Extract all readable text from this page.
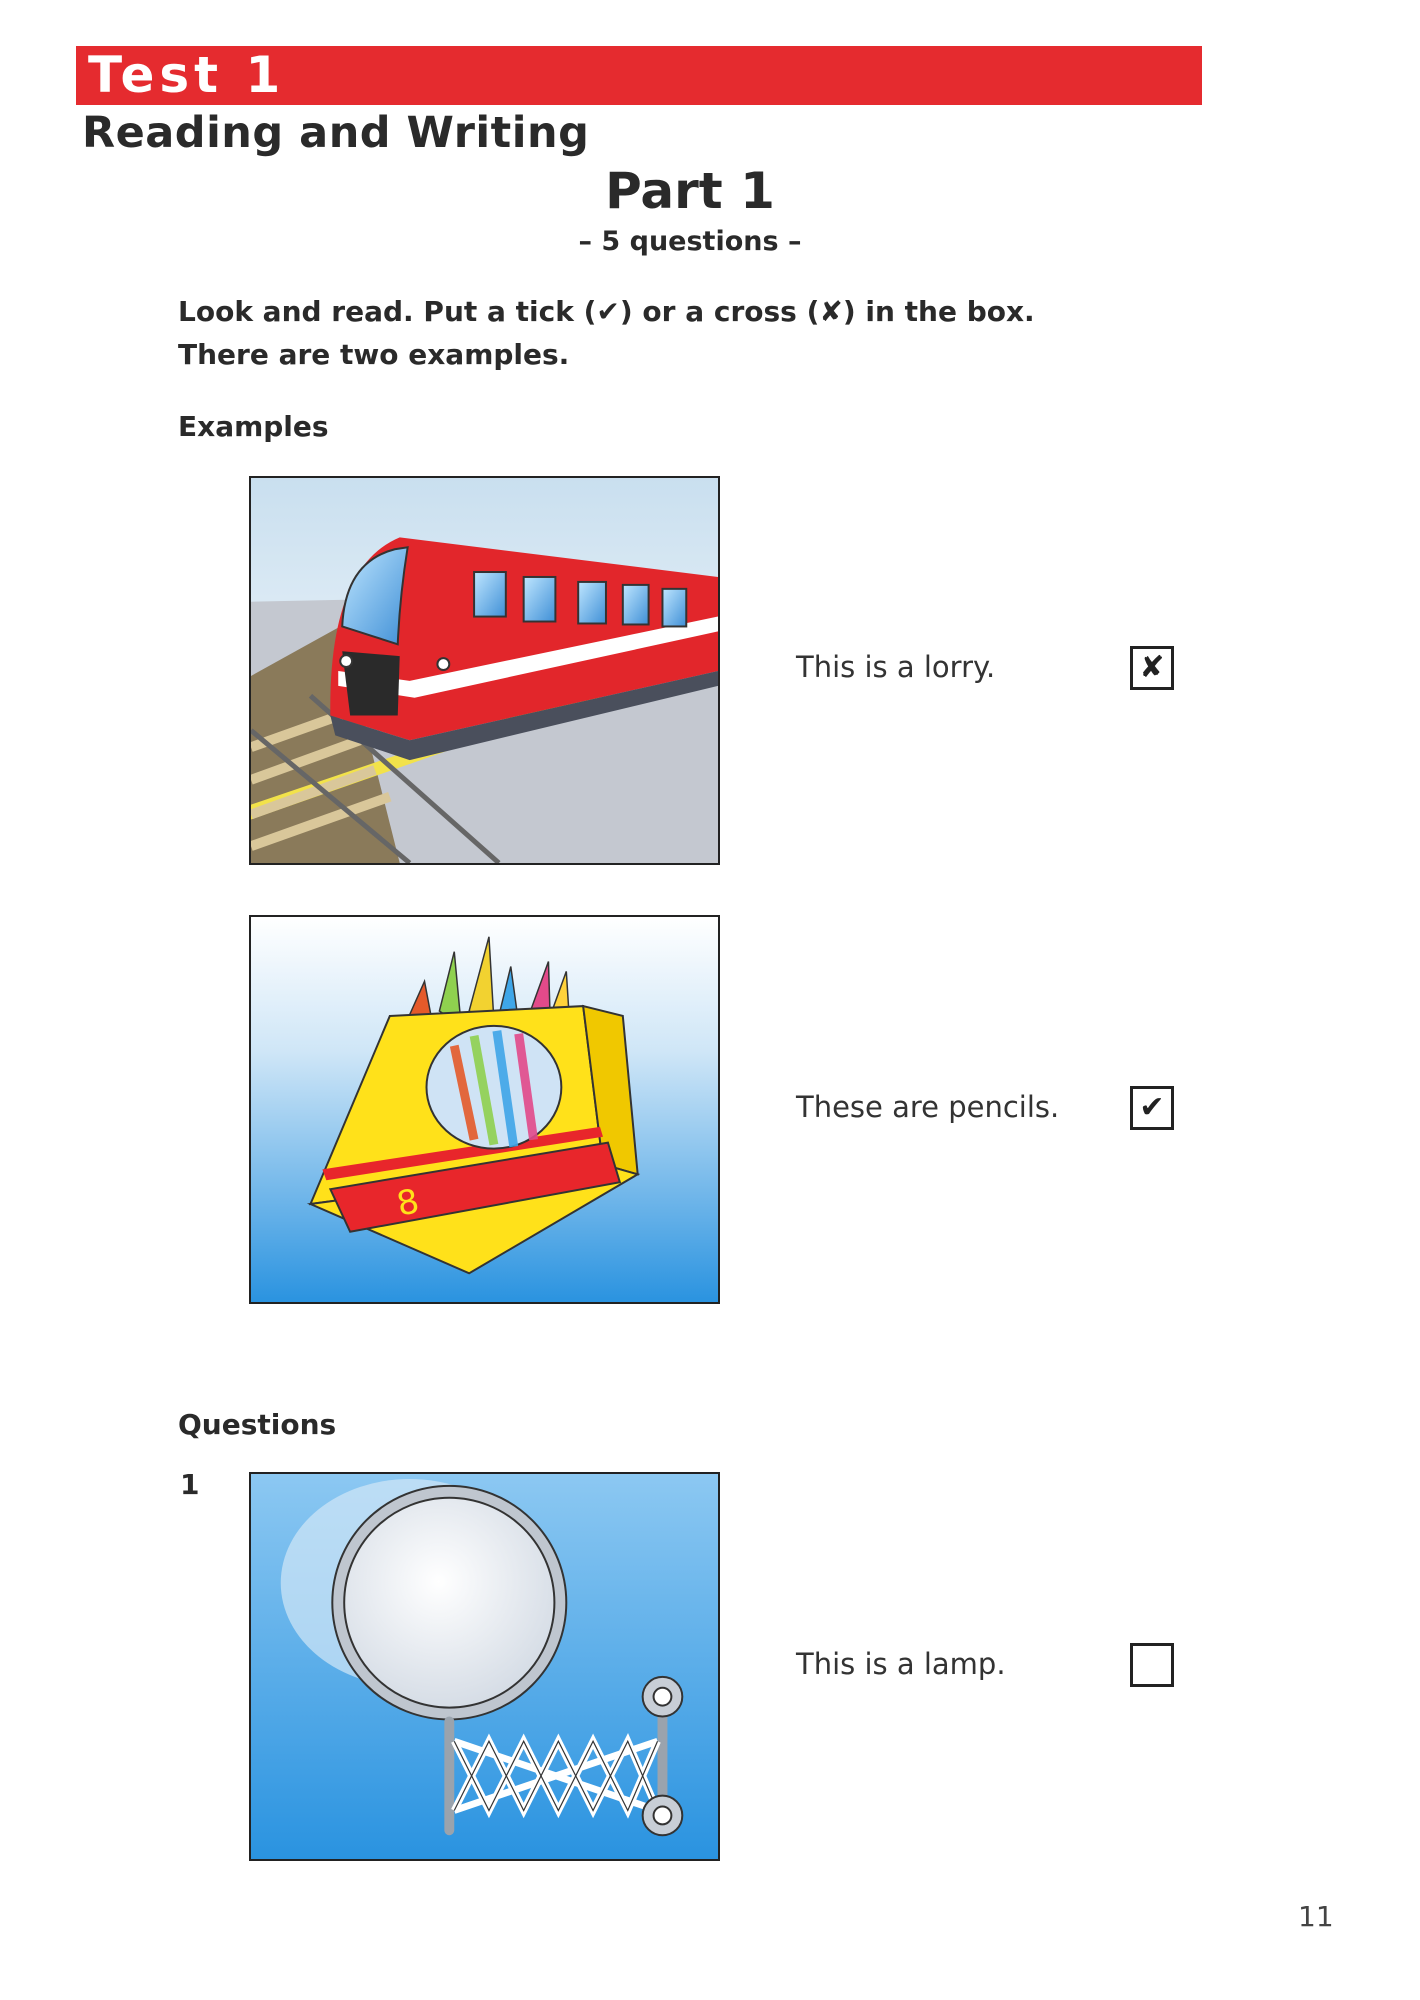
Test 1
Reading and Writing
Part 1
– 5 questions –
Look and read. Put a tick (✔) or a cross (✘) in the box.
There are two examples.
Examples
This is a lorry.	✘
8
These are pencils.	✔
Questions
1
This is a lamp.
11
